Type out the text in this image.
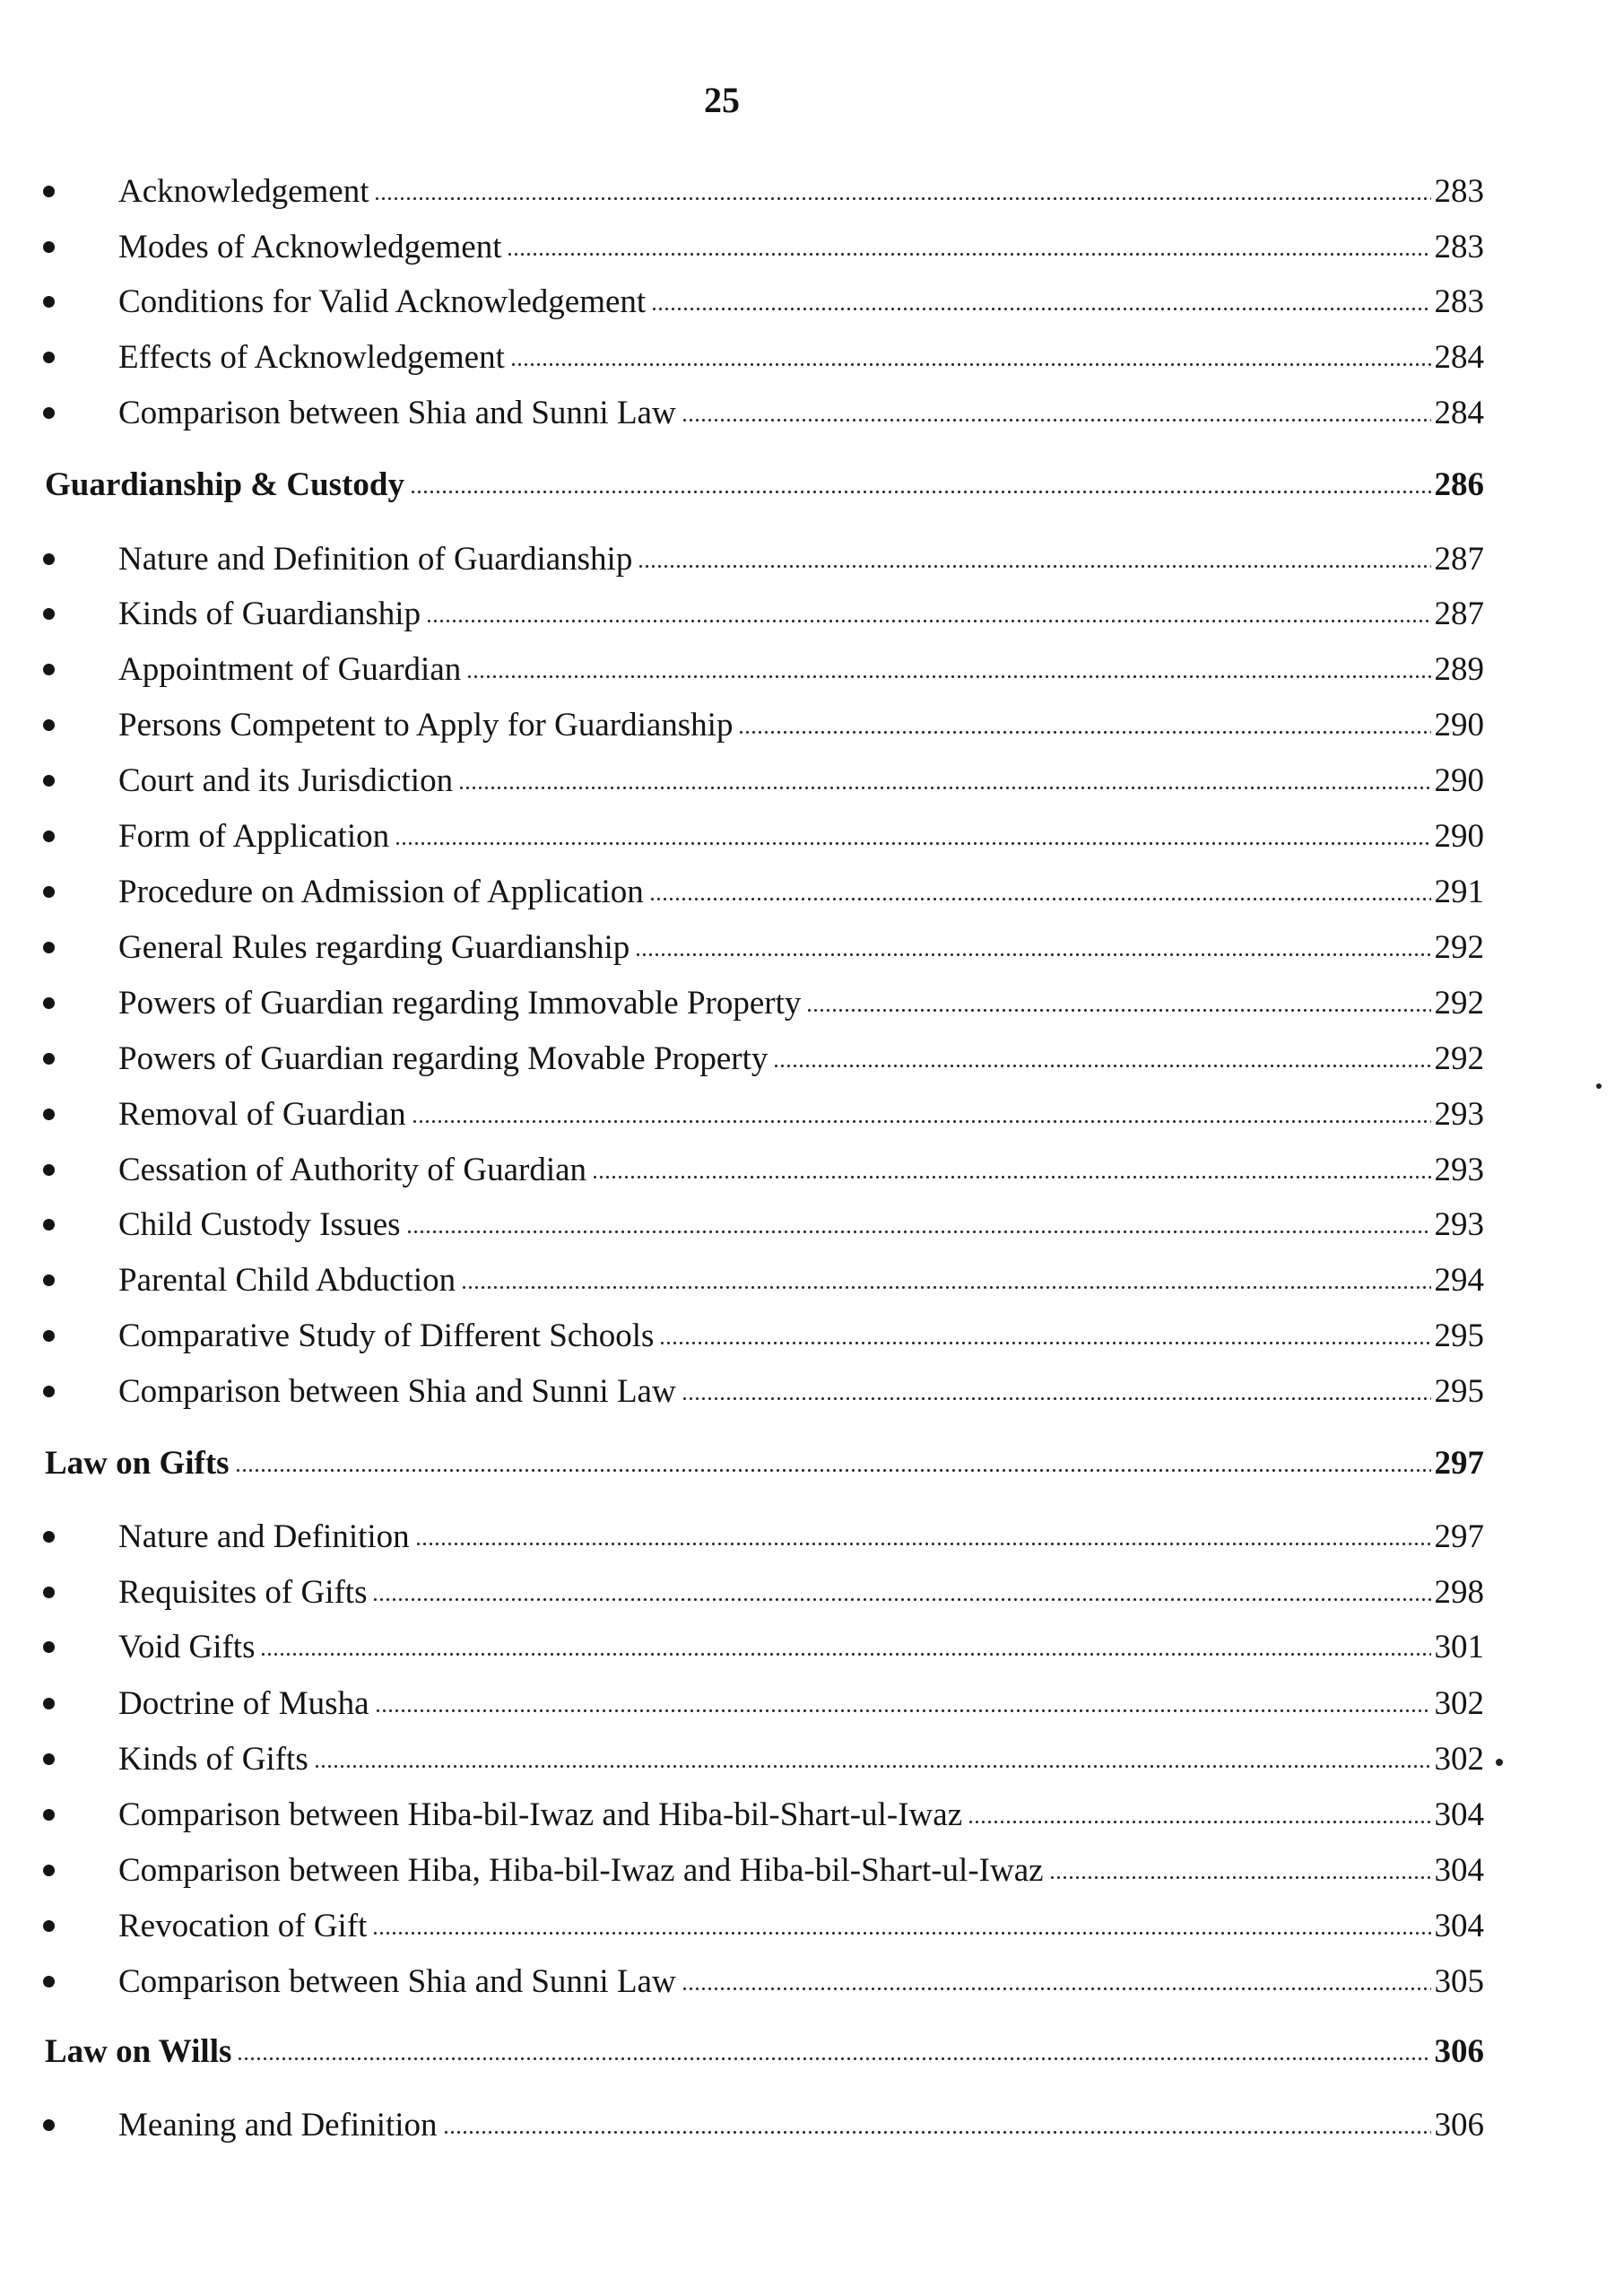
25
Acknowledgement	283
Modes of Acknowledgement	283
Conditions for Valid Acknowledgement	283
Effects of Acknowledgement	284
Comparison between Shia and Sunni Law	284
Guardianship & Custody	286
Nature and Definition of Guardianship	287
Kinds of Guardianship	287
Appointment of Guardian	289
Persons Competent to Apply for Guardianship	290
Court and its Jurisdiction	290
Form of Application	290
Procedure on Admission of Application	291
General Rules regarding Guardianship	292
Powers of Guardian regarding Immovable Property	292
Powers of Guardian regarding Movable Property	292
Removal of Guardian	293
Cessation of Authority of Guardian	293
Child Custody Issues	293
Parental Child Abduction	294
Comparative Study of Different Schools	295
Comparison between Shia and Sunni Law	295
Law on Gifts	297
Nature and Definition	297
Requisites of Gifts	298
Void Gifts	301
Doctrine of Musha	302
Kinds of Gifts	302
Comparison between Hiba-bil-Iwaz and Hiba-bil-Shart-ul-Iwaz	304
Comparison between Hiba, Hiba-bil-Iwaz and Hiba-bil-Shart-ul-Iwaz	304
Revocation of Gift	304
Comparison between Shia and Sunni Law	305
Law on Wills	306
Meaning and Definition	306
